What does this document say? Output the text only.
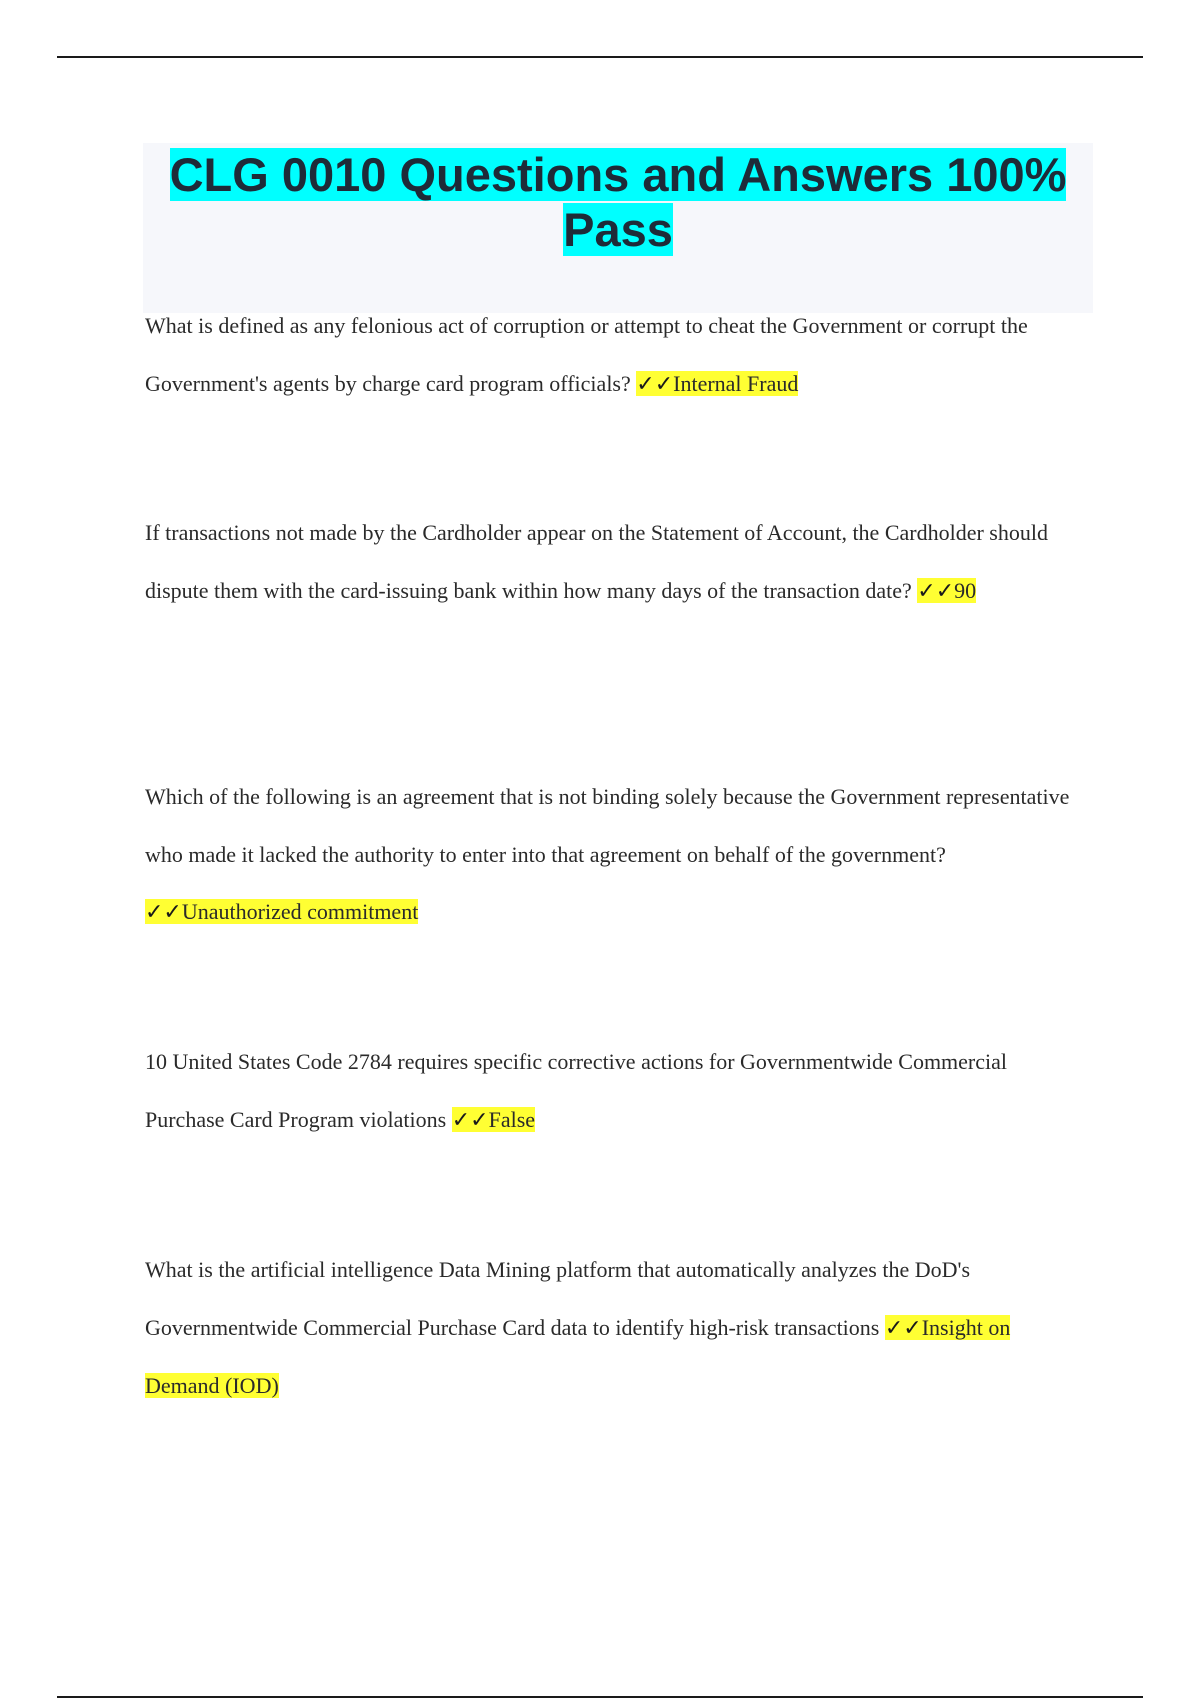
CLG 0010 Questions and Answers 100% Pass

What is defined as any felonious act of corruption or attempt to cheat the Government or corrupt the Government's agents by charge card program officials? ✓✓Internal Fraud

If transactions not made by the Cardholder appear on the Statement of Account, the Cardholder should dispute them with the card-issuing bank within how many days of the transaction date? ✓✓90

Which of the following is an agreement that is not binding solely because the Government representative who made it lacked the authority to enter into that agreement on behalf of the government? ✓✓Unauthorized commitment

10 United States Code 2784 requires specific corrective actions for Governmentwide Commercial Purchase Card Program violations ✓✓False

What is the artificial intelligence Data Mining platform that automatically analyzes the DoD's Governmentwide Commercial Purchase Card data to identify high-risk transactions ✓✓Insight on Demand (IOD)
